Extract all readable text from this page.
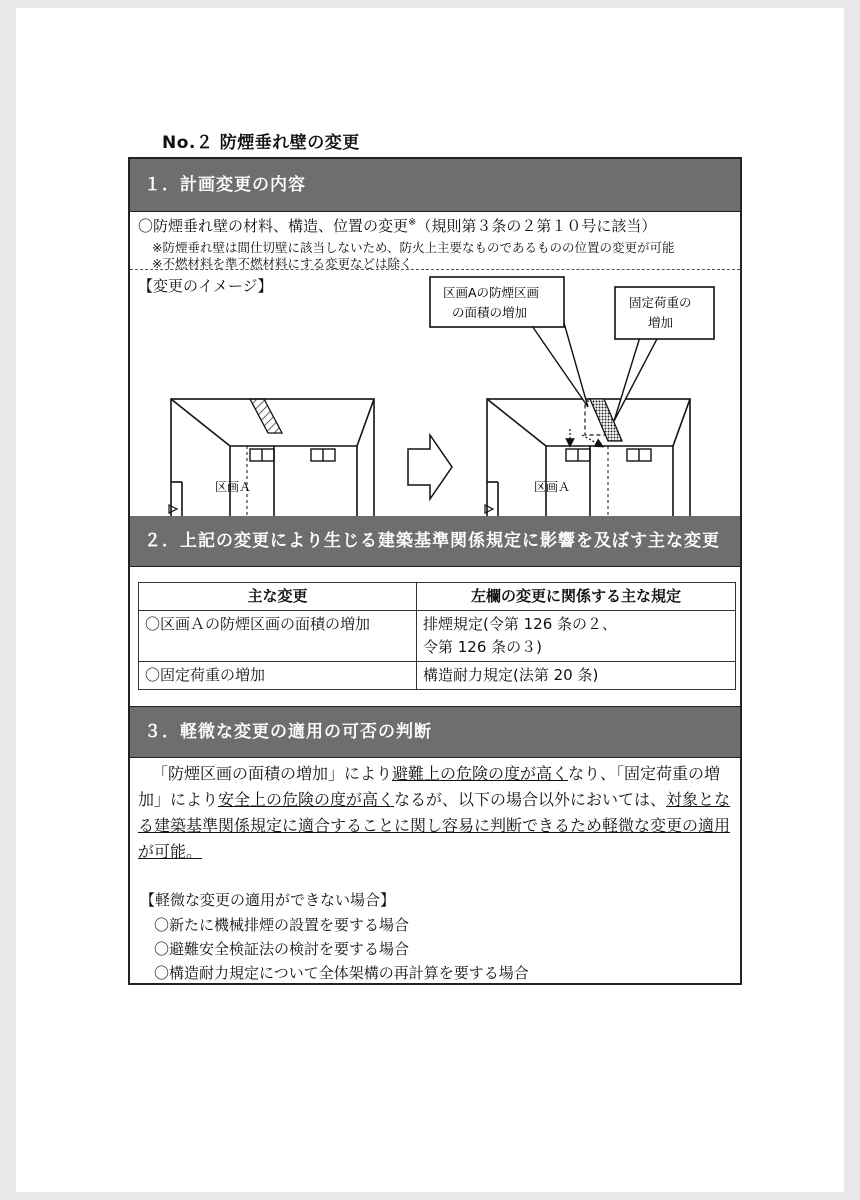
No.２ 防煙垂れ壁の変更
１．計画変更の内容
〇防煙垂れ壁の材料、構造、位置の変更※（規則第３条の２第１０号に該当）
※防煙垂れ壁は間仕切壁に該当しないため、防火上主要なものであるものの位置の変更が可能
※不燃材料を準不燃材料にする変更などは除く
【変更のイメージ】
区画Ａ	区画Ａ
区画Aの防煙区画
の面積の増加
固定荷重の
増加
２．上記の変更により生じる建築基準関係規定に影響を及ぼす主な変更
主な変更	左欄の変更に関係する主な規定
〇区画Ａの防煙区画の面積の増加	排煙規定(令第 126 条の２、
令第 126 条の３)

〇固定荷重の増加	構造耐力規定(法第 20 条)
３．軽微な変更の適用の可否の判断

「防煙区画の面積の増加」により避難上の危険の度が高くなり、「固定荷重の増加」により安全上の危険の度が高くなるが、以下の場合以外においては、対象となる建築基準関係規定に適合することに関し容易に判断できるため軽微な変更の適用が可能。

【軽微な変更の適用ができない場合】
〇新たに機械排煙の設置を要する場合
〇避難安全検証法の検討を要する場合
〇構造耐力規定について全体架構の再計算を要する場合
